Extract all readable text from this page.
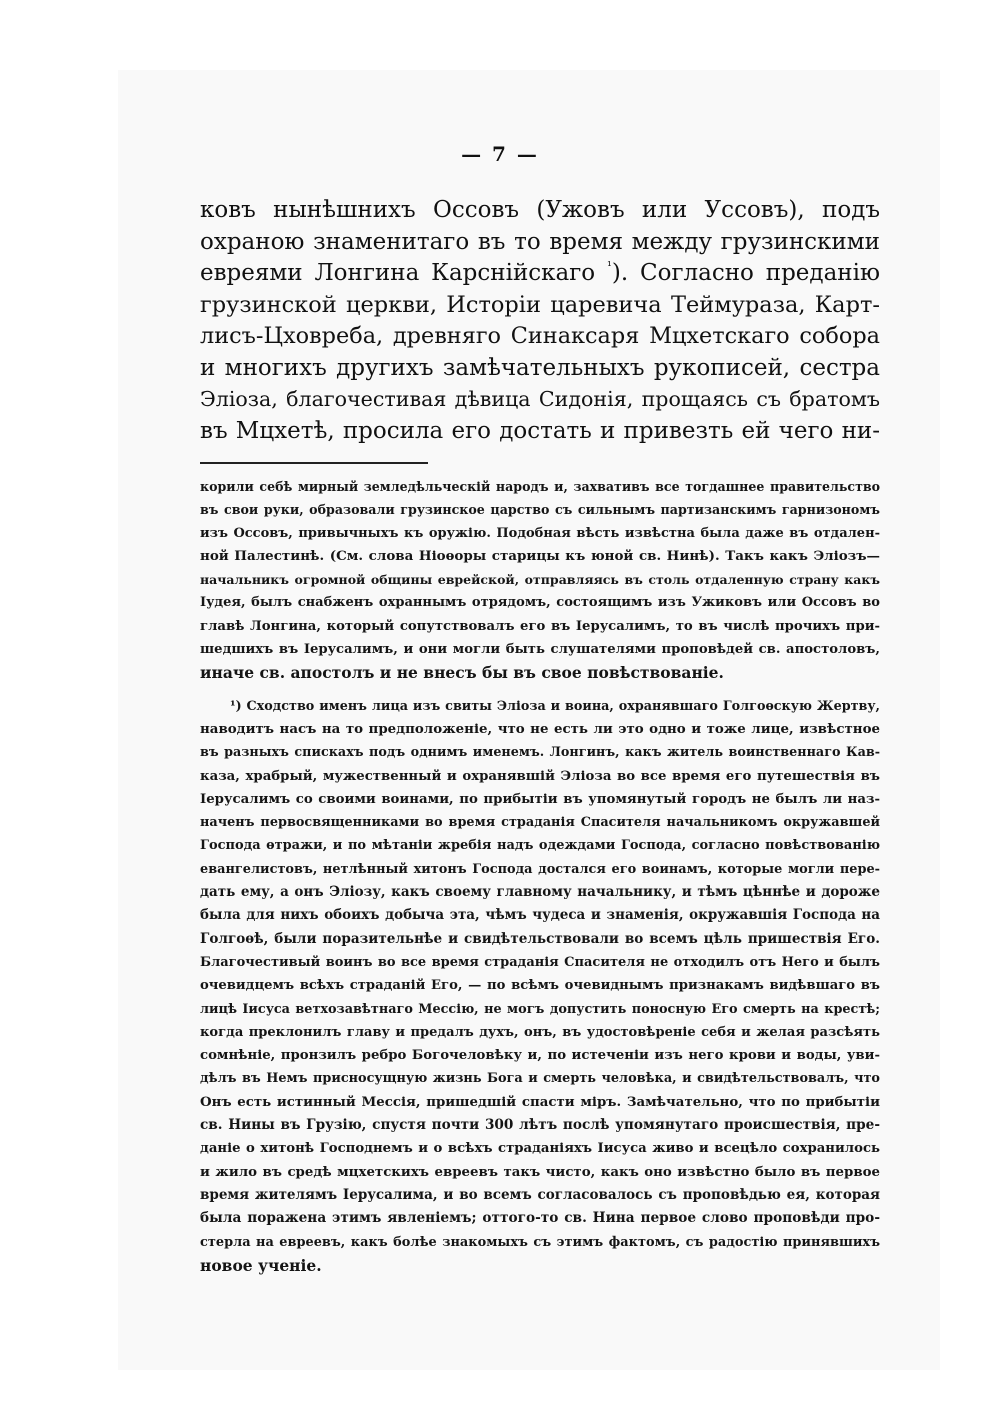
— 7 —
ковъ нынѣшнихъ Оссовъ (Ужовъ или Уссовъ), подъ
охраною знаменитаго въ то время между грузинскими
евреями Лонгина Карснійскаго $^{^1}$). Согласно преданію
грузинской церкви, Исторіи царевича Теймураза, Карт-
лисъ-Цховреба, древняго Синаксаря Мцхетскаго собора
и многихъ другихъ замѣчательныхъ рукописей, сестра
Эліоза, благочестивая дѣвица Сидонія, прощаясь съ братомъ
въ Мцхетѣ, просила его достать и привезть ей чего ни-
корили себѣ мирный земледѣльческій народъ и, захвативъ все тогдашнее правительство
въ свои руки, образовали грузинское царство съ сильнымъ партизанскимъ гарнизономъ
изъ Оссовъ, привычныхъ къ оружію. Подобная вѣсть извѣстна была даже въ отдален-
ной Палестинѣ. (См. слова Ніоѳоры старицы къ юной св. Нинѣ). Такъ какъ Эліозъ—
начальникъ огромной общины еврейской, отправляясь въ столь отдаленную страну какъ
Іудея, былъ снабженъ охраннымъ отрядомъ, состоящимъ изъ Ужиковъ или Оссовъ во
главѣ Лонгина, который сопутствовалъ его въ Іерусалимъ, то въ числѣ прочихъ при-
шедшихъ въ Іерусалимъ, и они могли быть слушателями проповѣдей св. апостоловъ,
иначе св. апостолъ и не внесъ бы въ свое повѣствованіе.
¹) Сходство именъ лица изъ свиты Эліоза и воина, охранявшаго Голгоѳскую Жертву,
наводитъ насъ на то предположеніе, что не есть ли это одно и тоже лице, извѣстное
въ разныхъ спискахъ подъ однимъ именемъ. Лонгинъ, какъ житель воинственнаго Кав-
каза, храбрый, мужественный и охранявшій Эліоза во все время его путешествія въ
Іерусалимъ со своими воинами, по прибытіи въ упомянутый городъ не былъ ли наз-
наченъ первосвященниками во время страданія Спасителя начальникомъ окружавшей
Господа ѳтражи, и по мѣтаніи жребія надъ одеждами Господа, согласно повѣствованію
евангелистовъ, нетлѣнный хитонъ Господа достался его воинамъ, которые могли пере-
дать ему, а онъ Эліозу, какъ своему главному начальнику, и тѣмъ цѣннѣе и дороже
была для нихъ обоихъ добыча эта, чѣмъ чудеса и знаменія, окружавшія Господа на
Голгоѳѣ, были поразительнѣе и свидѣтельствовали во всемъ цѣль пришествія Его.
Благочестивый воинъ во все время страданія Спасителя не отходилъ отъ Него и былъ
очевидцемъ всѣхъ страданій Его, — по всѣмъ очевиднымъ признакамъ видѣвшаго въ
лицѣ Іисуса ветхозавѣтнаго Мессію, не могъ допустить поносную Его смерть на крестѣ;
когда преклонилъ главу и предалъ духъ, онъ, въ удостовѣреніе себя и желая разсѣять
сомнѣніе, пронзилъ ребро Богочеловѣку и, по истеченіи изъ него крови и воды, уви-
дѣлъ въ Немъ присносущную жизнь Бога и смерть человѣка, и свидѣтельствовалъ, что
Онъ есть истинный Мессія, пришедшій спасти міръ. Замѣчательно, что по прибытіи
св. Нины въ Грузію, спустя почти 300 лѣтъ послѣ упомянутаго происшествія, пре-
даніе о хитонѣ Господнемъ и о всѣхъ страданіяхъ Іисуса живо и всецѣло сохранилось
и жило въ средѣ мцхетскихъ евреевъ такъ чисто, какъ оно извѣстно было въ первое
время жителямъ Іерусалима, и во всемъ согласовалось съ проповѣдью ея, которая
была поражена этимъ явленіемъ; оттого-то св. Нина первое слово проповѣди про-
стерла на евреевъ, какъ болѣе знакомыхъ съ этимъ фактомъ, съ радостію принявшихъ
новое ученіе.
